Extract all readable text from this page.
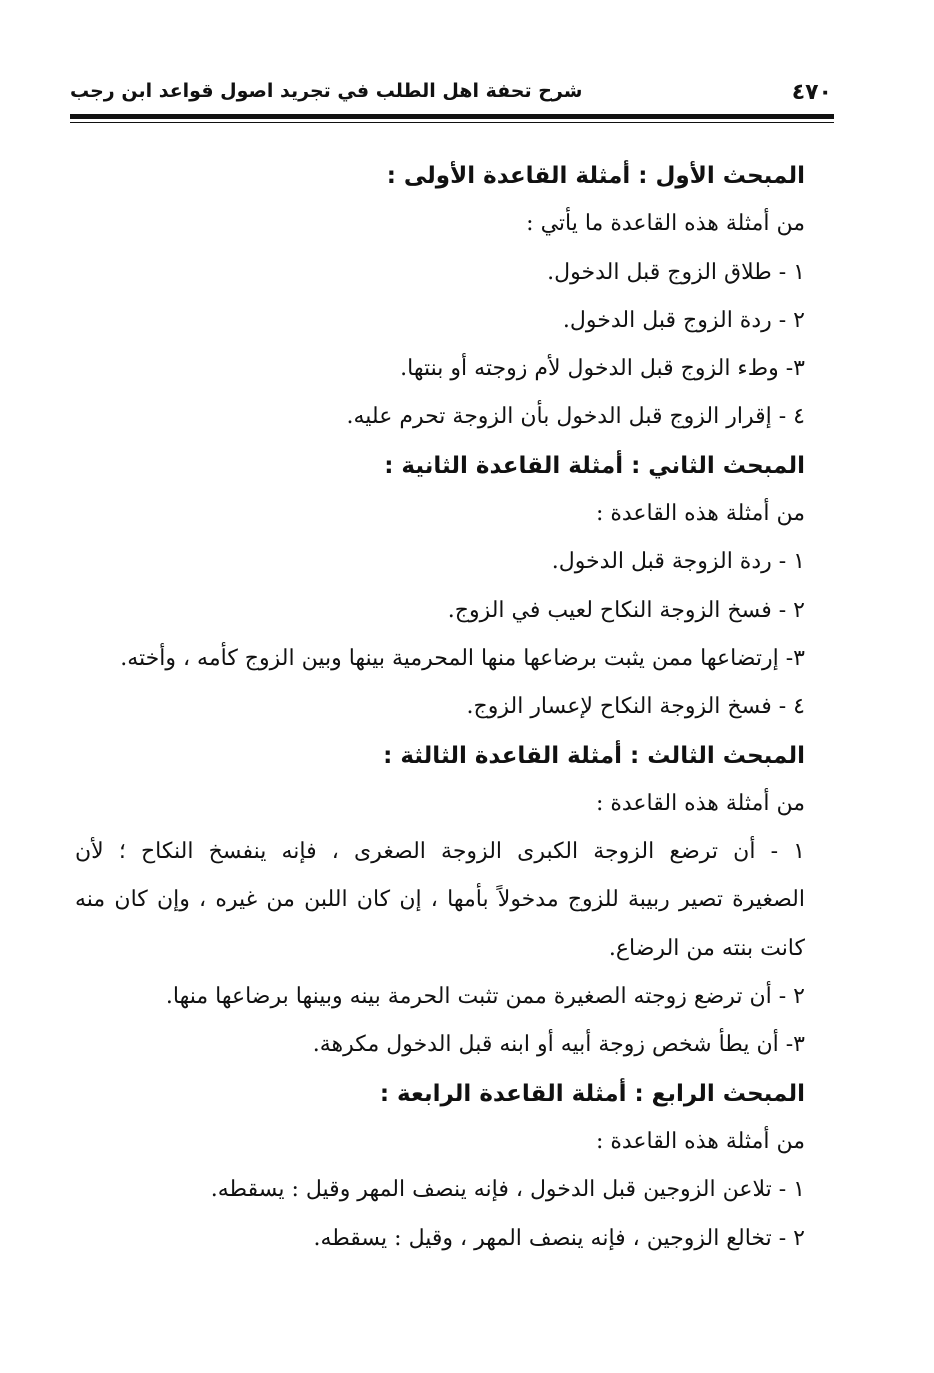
٤٧٠
شرح تحفة اهل الطلب في تجريد اصول قواعد ابن رجب
المبحث الأول : أمثلة القاعدة الأولى :
من أمثلة هذه القاعدة ما يأتي :
١ - طلاق الزوج قبل الدخول.
٢ - ردة الزوج قبل الدخول.
٣- وطء الزوج قبل الدخول لأم زوجته أو بنتها.
٤ - إقرار الزوج قبل الدخول بأن الزوجة تحرم عليه.
المبحث الثاني : أمثلة القاعدة الثانية :
من أمثلة هذه القاعدة :
١ - ردة الزوجة قبل الدخول.
٢ - فسخ الزوجة النكاح لعيب في الزوج.
٣- إرتضاعها ممن يثبت برضاعها منها المحرمية بينها وبين الزوج كأمه ، وأخته.
٤ - فسخ الزوجة النكاح لإعسار الزوج.
المبحث الثالث : أمثلة القاعدة الثالثة :
من أمثلة هذه القاعدة :
١ - أن ترضع الزوجة الكبرى الزوجة الصغرى ، فإنه ينفسخ النكاح ؛ لأن
الصغيرة تصير ربيبة للزوج مدخولاً بأمها ، إن كان اللبن من غيره ، وإن كان منه
كانت بنته من الرضاع.
٢ - أن ترضع زوجته الصغيرة ممن تثبت الحرمة بينه وبينها برضاعها منها.
٣- أن يطأ شخص زوجة أبيه أو ابنه قبل الدخول مكرهة.
المبحث الرابع : أمثلة القاعدة الرابعة :
من أمثلة هذه القاعدة :
١ - تلاعن الزوجين قبل الدخول ، فإنه ينصف المهر وقيل : يسقطه.
٢ - تخالع الزوجين ، فإنه ينصف المهر ، وقيل : يسقطه.
